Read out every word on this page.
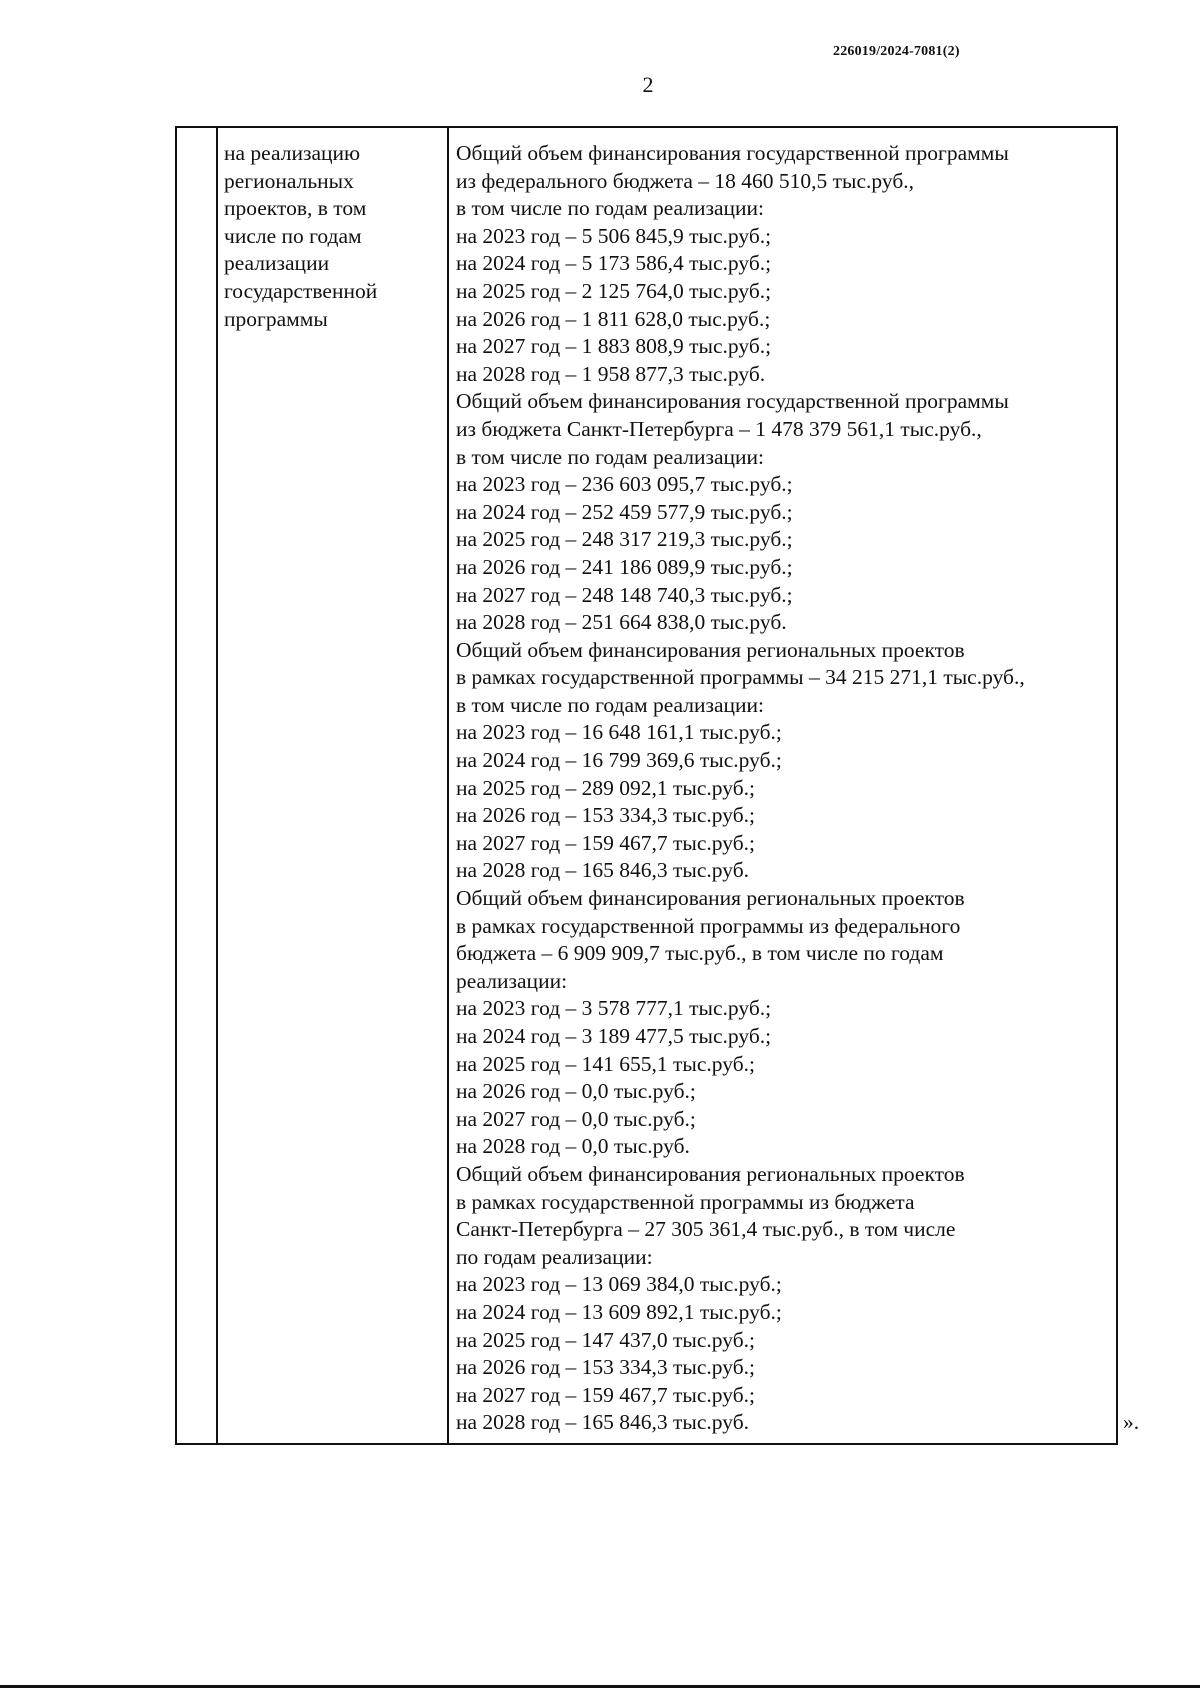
226019/2024-7081(2)
2
на реализацию
региональных
проектов, в том
числе по годам
реализации
государственной
программы
Общий объем финансирования государственной программы
из федерального бюджета – 18 460 510,5 тыс.руб.,
в том числе по годам реализации:
на 2023 год – 5 506 845,9 тыс.руб.;
на 2024 год – 5 173 586,4 тыс.руб.;
на 2025 год – 2 125 764,0 тыс.руб.;
на 2026 год – 1 811 628,0 тыс.руб.;
на 2027 год – 1 883 808,9 тыс.руб.;
на 2028 год – 1 958 877,3 тыс.руб.
Общий объем финансирования государственной программы
из бюджета Санкт-Петербурга – 1 478 379 561,1 тыс.руб.,
в том числе по годам реализации:
на 2023 год – 236 603 095,7 тыс.руб.;
на 2024 год – 252 459 577,9 тыс.руб.;
на 2025 год – 248 317 219,3 тыс.руб.;
на 2026 год – 241 186 089,9 тыс.руб.;
на 2027 год – 248 148 740,3 тыс.руб.;
на 2028 год – 251 664 838,0 тыс.руб.
Общий объем финансирования региональных проектов
в рамках государственной программы – 34 215 271,1 тыс.руб.,
в том числе по годам реализации:
на 2023 год – 16 648 161,1 тыс.руб.;
на 2024 год – 16 799 369,6 тыс.руб.;
на 2025 год – 289 092,1 тыс.руб.;
на 2026 год – 153 334,3 тыс.руб.;
на 2027 год – 159 467,7 тыс.руб.;
на 2028 год – 165 846,3 тыс.руб.
Общий объем финансирования региональных проектов
в рамках государственной программы из федерального
бюджета – 6 909 909,7 тыс.руб., в том числе по годам
реализации:
на 2023 год – 3 578 777,1 тыс.руб.;
на 2024 год – 3 189 477,5 тыс.руб.;
на 2025 год – 141 655,1 тыс.руб.;
на 2026 год – 0,0 тыс.руб.;
на 2027 год – 0,0 тыс.руб.;
на 2028 год – 0,0 тыс.руб.
Общий объем финансирования региональных проектов
в рамках государственной программы из бюджета
Санкт-Петербурга – 27 305 361,4 тыс.руб., в том числе
по годам реализации:
на 2023 год – 13 069 384,0 тыс.руб.;
на 2024 год – 13 609 892,1 тыс.руб.;
на 2025 год – 147 437,0 тыс.руб.;
на 2026 год – 153 334,3 тыс.руб.;
на 2027 год – 159 467,7 тыс.руб.;
на 2028 год – 165 846,3 тыс.руб.	».
